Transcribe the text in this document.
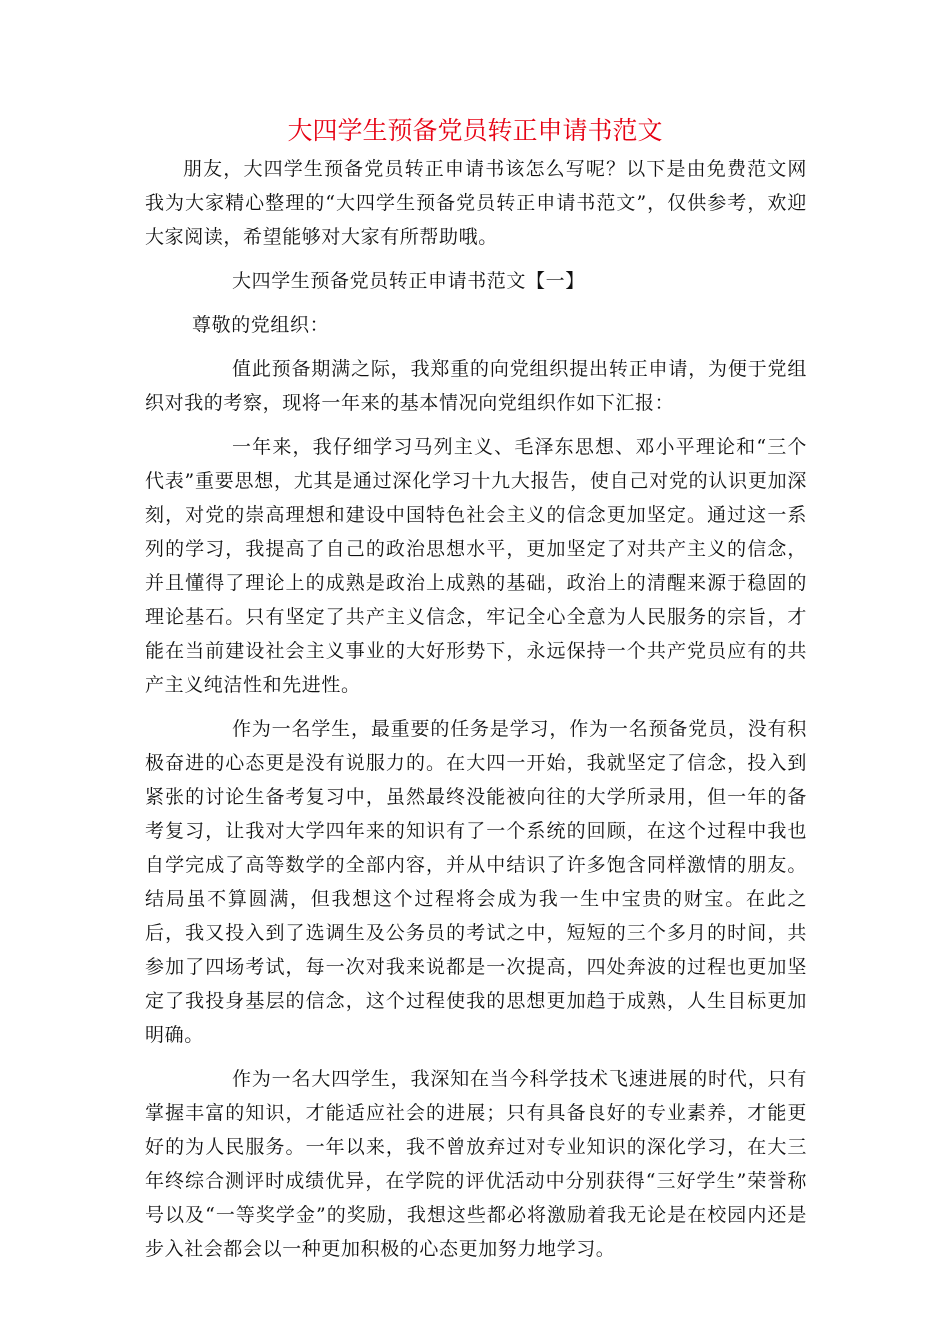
大四学生预备党员转正申请书范文

朋友，大四学生预备党员转正申请书该怎么写呢？以下是由免费范文网我为大家精心整理的“大四学生预备党员转正申请书范文”，仅供参考，欢迎大家阅读，希望能够对大家有所帮助哦。

大四学生预备党员转正申请书范文【一】

尊敬的党组织：

值此预备期满之际，我郑重的向党组织提出转正申请，为便于党组织对我的考察，现将一年来的基本情况向党组织作如下汇报：

一年来，我仔细学习马列主义、毛泽东思想、邓小平理论和“三个代表”重要思想，尤其是通过深化学习十九大报告，使自己对党的认识更加深刻，对党的崇高理想和建设中国特色社会主义的信念更加坚定。通过这一系列的学习，我提高了自己的政治思想水平，更加坚定了对共产主义的信念，并且懂得了理论上的成熟是政治上成熟的基础，政治上的清醒来源于稳固的理论基石。只有坚定了共产主义信念，牢记全心全意为人民服务的宗旨，才能在当前建设社会主义事业的大好形势下，永远保持一个共产党员应有的共产主义纯洁性和先进性。

作为一名学生，最重要的任务是学习，作为一名预备党员，没有积极奋进的心态更是没有说服力的。在大四一开始，我就坚定了信念，投入到紧张的讨论生备考复习中，虽然最终没能被向往的大学所录用，但一年的备考复习，让我对大学四年来的知识有了一个系统的回顾，在这个过程中我也自学完成了高等数学的全部内容，并从中结识了许多饱含同样激情的朋友。结局虽不算圆满，但我想这个过程将会成为我一生中宝贵的财宝。在此之后，我又投入到了选调生及公务员的考试之中，短短的三个多月的时间，共参加了四场考试，每一次对我来说都是一次提高，四处奔波的过程也更加坚定了我投身基层的信念，这个过程使我的思想更加趋于成熟，人生目标更加明确。

作为一名大四学生，我深知在当今科学技术飞速进展的时代，只有掌握丰富的知识，才能适应社会的进展；只有具备良好的专业素养，才能更好的为人民服务。一年以来，我不曾放弃过对专业知识的深化学习，在大三年终综合测评时成绩优异，在学院的评优活动中分别获得“三好学生”荣誉称号以及“一等奖学金”的奖励，我想这些都必将激励着我无论是在校园内还是步入社会都会以一种更加积极的心态更加努力地学习。
